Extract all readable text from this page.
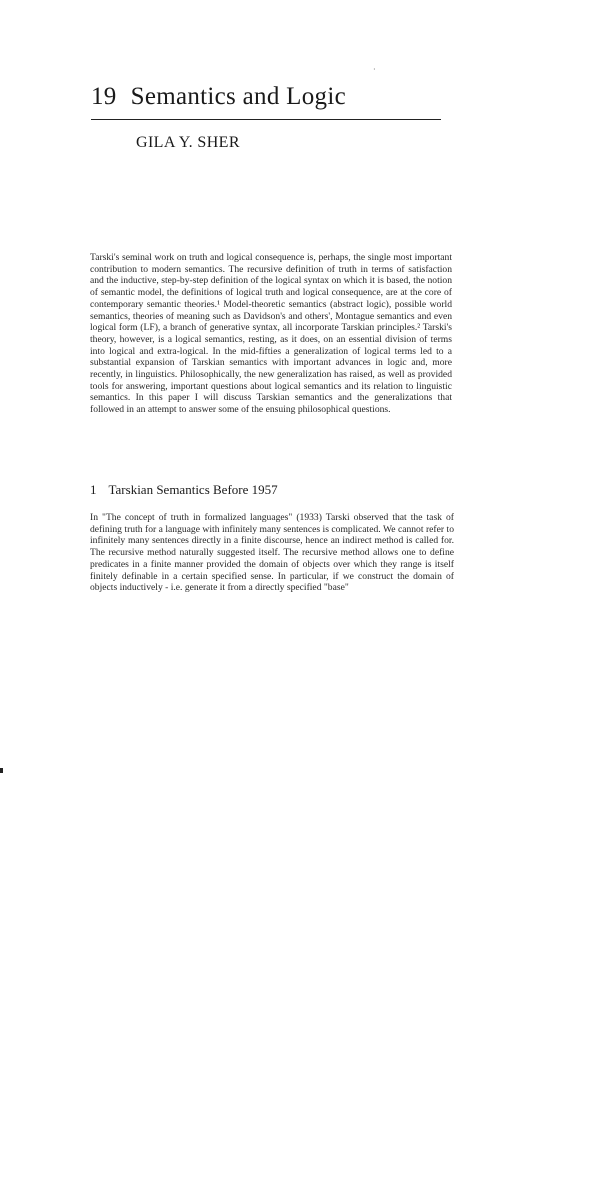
·
19 Semantics and Logic
GILA Y. SHER

Tarski's seminal work on truth and logical consequence is, perhaps, the single most important contribution to modern semantics. The recursive definition of truth in terms of satisfaction and the inductive, step-by-step definition of the logical syntax on which it is based, the notion of semantic model, the definitions of logical truth and logical consequence, are at the core of contemporary semantic theories.¹ Model-theoretic semantics (abstract logic), possible world semantics, theories of meaning such as Davidson's and others', Montague semantics and even logical form (LF), a branch of generative syntax, all incorporate Tarskian principles.² Tarski's theory, however, is a logical semantics, resting, as it does, on an essential division of terms into logical and extra-logical. In the mid-fifties a generalization of logical terms led to a substantial expansion of Tarskian semantics with important advances in logic and, more recently, in linguistics. Philosophically, the new generalization has raised, as well as provided tools for answering, important questions about logical semantics and its relation to linguistic semantics. In this paper I will discuss Tarskian semantics and the generalizations that followed in an attempt to answer some of the ensuing philosophical questions.

1 Tarskian Semantics Before 1957

In "The concept of truth in formalized languages" (1933) Tarski observed that the task of defining truth for a language with infinitely many sentences is complicated. We cannot refer to infinitely many sentences directly in a finite discourse, hence an indirect method is called for. The recursive method naturally suggested itself. The recursive method allows one to define predicates in a finite manner provided the domain of objects over which they range is itself finitely definable in a certain specified sense. In particular, if we construct the domain of objects inductively - i.e. generate it from a directly specified "base"
